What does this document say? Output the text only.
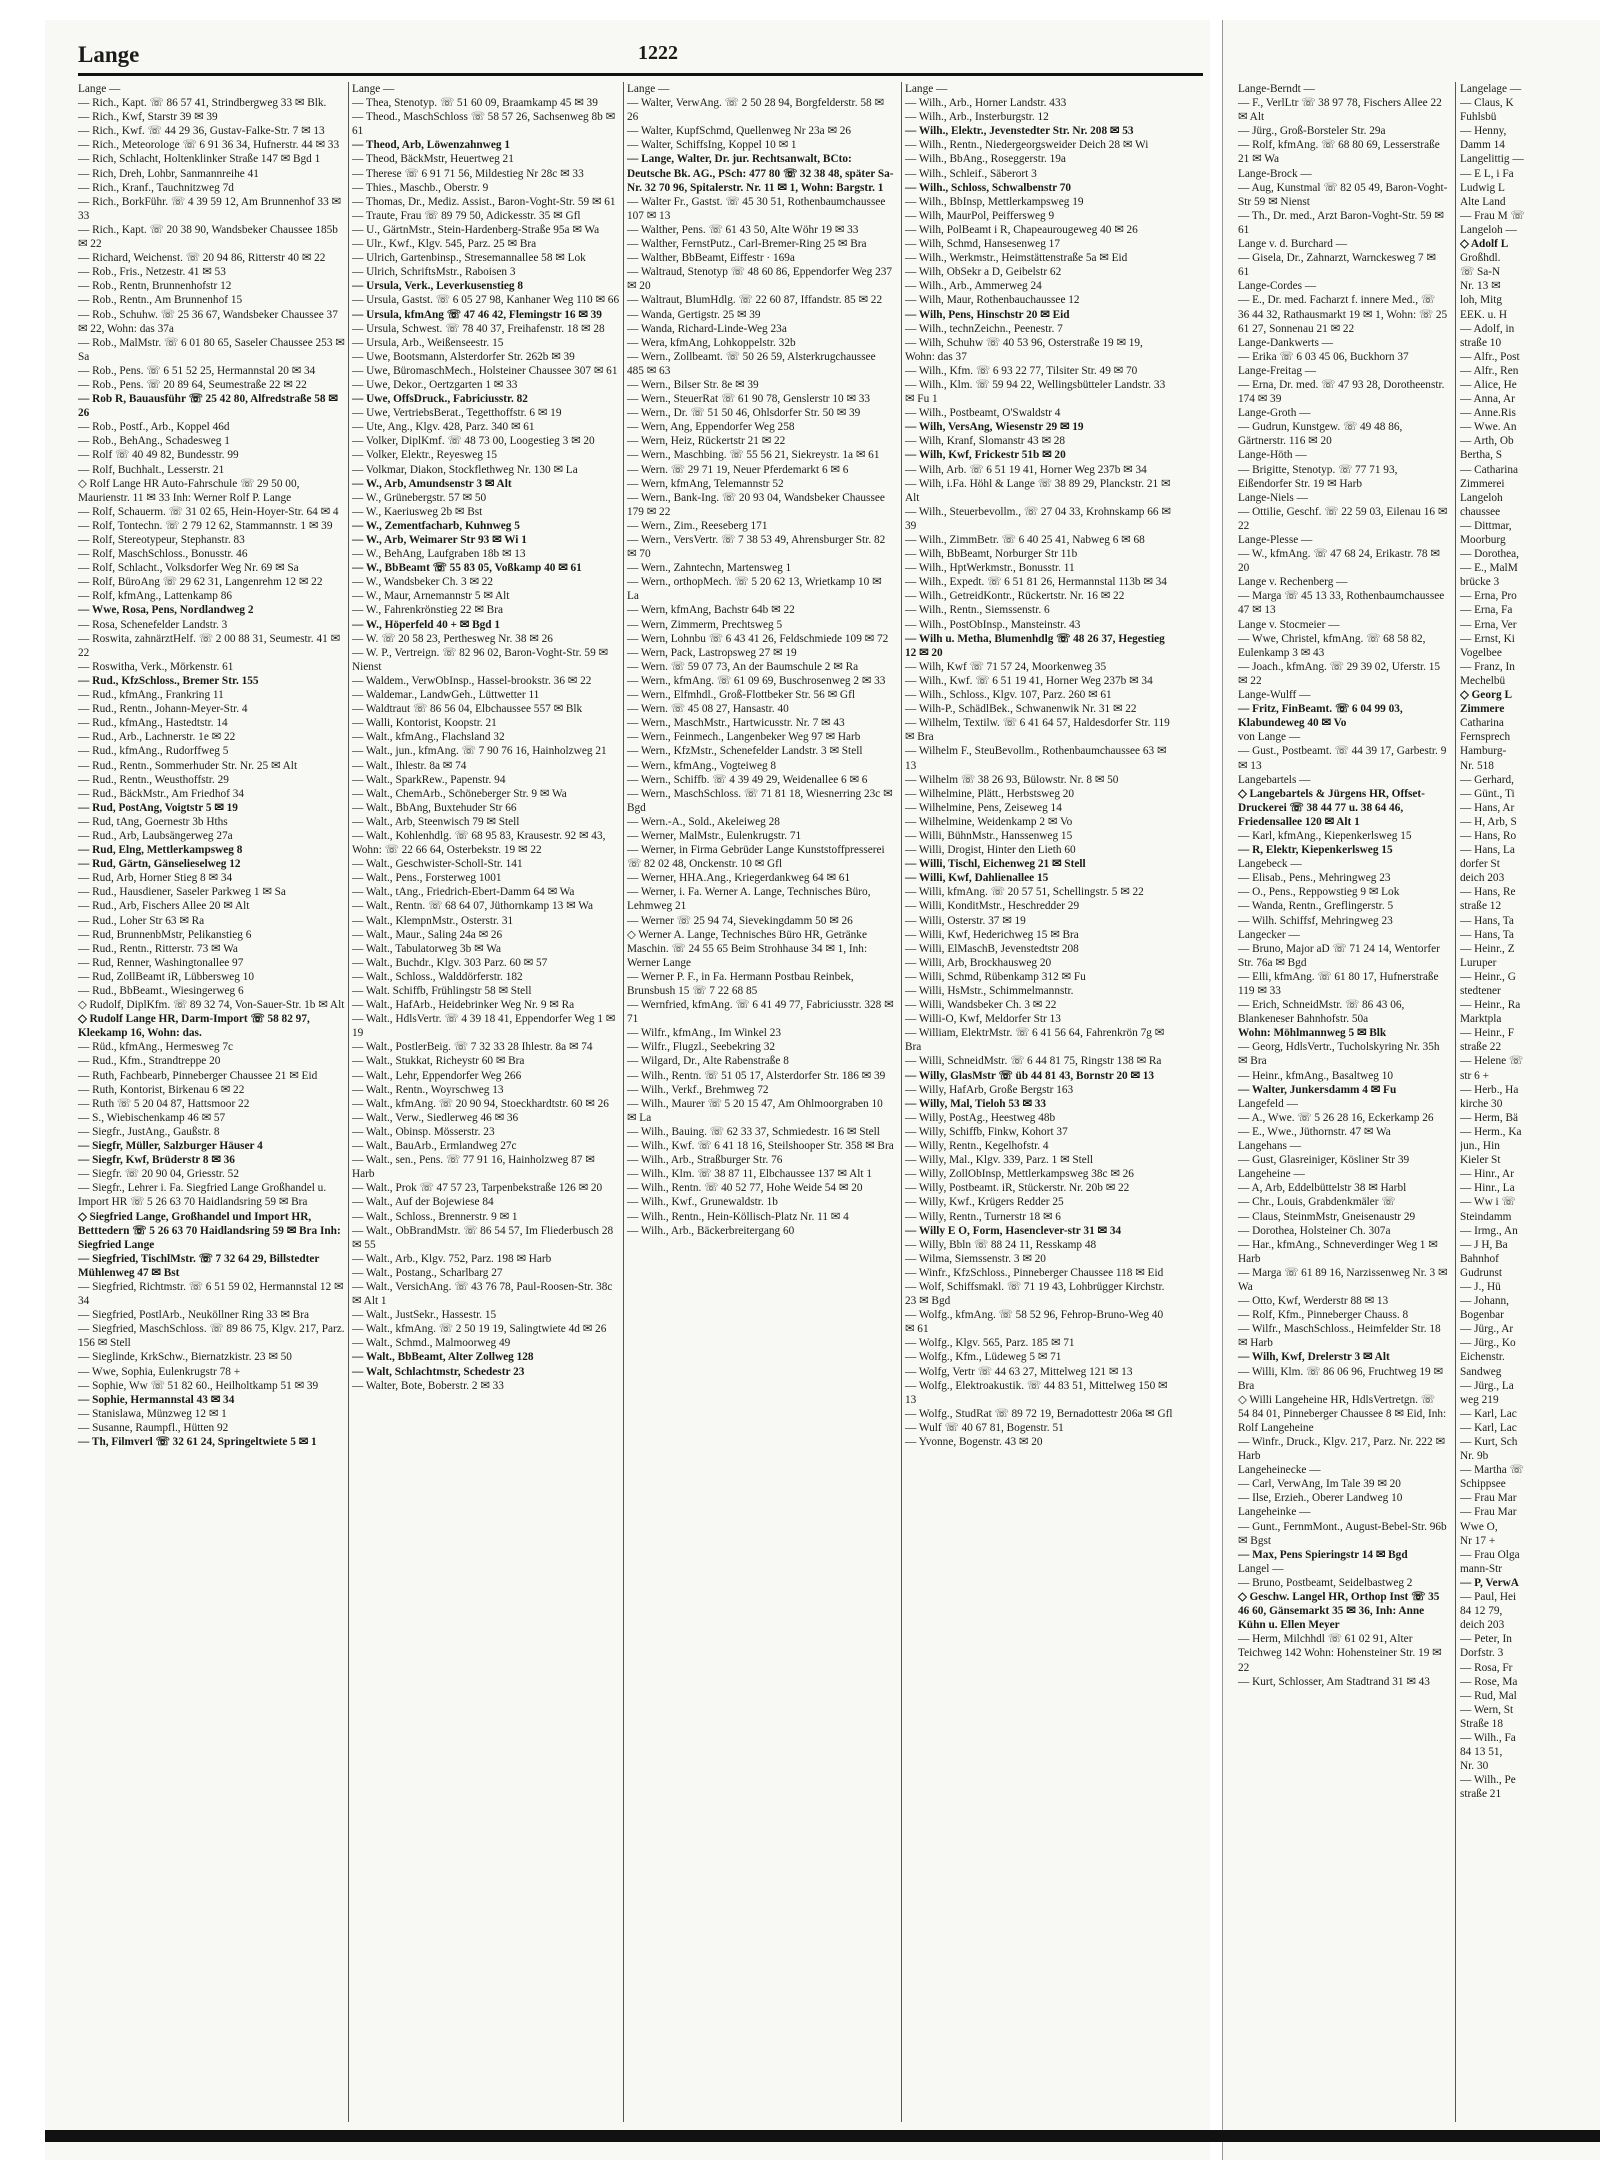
Lange	1222
Lange —
— Rich., Kapt. ☏ 86 57 41, Strindbergweg 33 ✉ Blk.
— Rich., Kwf, Starstr 39 ✉ 39
— Rich., Kwf. ☏ 44 29 36, Gustav-Falke-Str. 7 ✉ 13
— Rich., Meteorologe ☏ 6 91 36 34, Hufnerstr. 44 ✉ 33
— Rich, Schlacht, Holtenklinker Straße 147 ✉ Bgd 1
— Rich, Dreh, Lohbr, Sanmannreihe 41
— Rich., Kranf., Tauchnitzweg 7d
— Rich., BorkFühr. ☏ 4 39 59 12, Am Brunnenhof 33 ✉ 33
— Rich., Kapt. ☏ 20 38 90, Wandsbeker Chaussee 185b ✉ 22
— Richard, Weichenst. ☏ 20 94 86, Ritterstr 40 ✉ 22
— Rob., Fris., Netzestr. 41 ✉ 53
— Rob., Rentn, Brunnenhofstr 12
— Rob., Rentn., Am Brunnenhof 15
— Rob., Schuhw. ☏ 25 36 67, Wandsbeker Chaussee 37 ✉ 22, Wohn: das 37a
— Rob., MalMstr. ☏ 6 01 80 65, Saseler Chaussee 253 ✉ Sa
— Rob., Pens. ☏ 6 51 52 25, Hermannstal 20 ✉ 34
— Rob., Pens. ☏ 20 89 64, Seumestraße 22 ✉ 22
— Rob R, Bauausführ ☏ 25 42 80, Alfredstraße 58 ✉ 26
— Rob., Postf., Arb., Koppel 46d
— Rob., BehAng., Schadesweg 1
— Rolf ☏ 40 49 82, Bundesstr. 99
— Rolf, Buchhalt., Lesserstr. 21
◇ Rolf Lange HR Auto-Fahrschule ☏ 29 50 00, Maurienstr. 11 ✉ 33 Inh: Werner Rolf P. Lange
— Rolf, Schauerm. ☏ 31 02 65, Hein-Hoyer-Str. 64 ✉ 4
— Rolf, Tontechn. ☏ 2 79 12 62, Stammannstr. 1 ✉ 39
— Rolf, Stereotypeur, Stephanstr. 83
— Rolf, MaschSchloss., Bonusstr. 46
— Rolf, Schlacht., Volksdorfer Weg Nr. 69 ✉ Sa
— Rolf, BüroAng ☏ 29 62 31, Langenrehm 12 ✉ 22
— Rolf, kfmAng., Lattenkamp 86
— Wwe, Rosa, Pens, Nordlandweg 2
— Rosa, Schenefelder Landstr. 3
— Roswita, zahnärztHelf. ☏ 2 00 88 31, Seumestr. 41 ✉ 22
— Roswitha, Verk., Mörkenstr. 61
— Rud., KfzSchloss., Bremer Str. 155
— Rud., kfmAng., Frankring 11
— Rud., Rentn., Johann-Meyer-Str. 4
— Rud., kfmAng., Hastedtstr. 14
— Rud., Arb., Lachnerstr. 1e ✉ 22
— Rud., kfmAng., Rudorffweg 5
— Rud., Rentn., Sommerhuder Str. Nr. 25 ✉ Alt
— Rud., Rentn., Weusthoffstr. 29
— Rud., BäckMstr., Am Friedhof 34
— Rud, PostAng, Voigtstr 5 ✉ 19
— Rud, tAng, Goernestr 3b Hths
— Rud., Arb, Laubsängerweg 27a
— Rud, Elng, Mettlerkampsweg 8
— Rud, Gärtn, Gänselieselweg 12
— Rud, Arb, Horner Stieg 8 ✉ 34
— Rud., Hausdiener, Saseler Parkweg 1 ✉ Sa
— Rud., Arb, Fischers Allee 20 ✉ Alt
— Rud., Loher Str 63 ✉ Ra
— Rud, BrunnenbMstr, Pelikanstieg 6
— Rud., Rentn., Ritterstr. 73 ✉ Wa
— Rud, Renner, Washingtonallee 97
— Rud, ZollBeamt iR, Lübbersweg 10
— Rud., BbBeamt., Wiesingerweg 6
◇ Rudolf, DiplKfm. ☏ 89 32 74, Von-Sauer-Str. 1b ✉ Alt
◇ Rudolf Lange HR, Darm-Import ☏ 58 82 97, Kleekamp 16, Wohn: das.
— Rüd., kfmAng., Hermesweg 7c
— Rud., Kfm., Strandtreppe 20
— Ruth, Fachbearb, Pinneberger Chaussee 21 ✉ Eid
— Ruth, Kontorist, Birkenau 6 ✉ 22
— Ruth ☏ 5 20 04 87, Hattsmoor 22
— S., Wiebischenkamp 46 ✉ 57
— Siegfr., JustAng., Gaußstr. 8
— Siegfr, Müller, Salzburger Häuser 4
— Siegfr, Kwf, Brüderstr 8 ✉ 36
— Siegfr. ☏ 20 90 04, Griesstr. 52
— Siegfr., Lehrer i. Fa. Siegfried Lange Großhandel u. Import HR ☏ 5 26 63 70 Haidlandsring 59 ✉ Bra
◇ Siegfried Lange, Großhandel und Import HR, Betttedern ☏ 5 26 63 70 Haidlandsring 59 ✉ Bra Inh: Siegfried Lange
— Siegfried, TischlMstr. ☏ 7 32 64 29, Billstedter Mühlenweg 47 ✉ Bst
— Siegfried, Richtmstr. ☏ 6 51 59 02, Hermannstal 12 ✉ 34
— Siegfried, PostlArb., Neuköllner Ring 33 ✉ Bra
— Siegfried, MaschSchloss. ☏ 89 86 75, Klgv. 217, Parz. 156 ✉ Stell
— Sieglinde, KrkSchw., Biernatzkistr. 23 ✉ 50
— Wwe, Sophia, Eulenkrugstr 78 +
— Sophie, Ww ☏ 51 82 60., Heilholtkamp 51 ✉ 39
— Sophie, Hermannstal 43 ✉ 34
— Stanislawa, Münzweg 12 ✉ 1
— Susanne, Raumpfl., Hütten 92
— Th, Filmverl ☏ 32 61 24, Springeltwiete 5 ✉ 1
Lange —
— Thea, Stenotyp. ☏ 51 60 09, Braamkamp 45 ✉ 39
— Theod., MaschSchloss ☏ 58 57 26, Sachsenweg 8b ✉ 61
— Theod, Arb, Löwenzahnweg 1
— Theod, BäckMstr, Heuertweg 21
— Therese ☏ 6 91 71 56, Mildestieg Nr 28c ✉ 33
— Thies., Maschb., Oberstr. 9
— Thomas, Dr., Mediz. Assist., Baron-Voght-Str. 59 ✉ 61
— Traute, Frau ☏ 89 79 50, Adickesstr. 35 ✉ Gfl
— U., GärtnMstr., Stein-Hardenberg-Straße 95a ✉ Wa
— Ulr., Kwf., Klgv. 545, Parz. 25 ✉ Bra
— Ulrich, Gartenbinsp., Stresemannallee 58 ✉ Lok
— Ulrich, SchriftsMstr., Raboisen 3
— Ursula, Verk., Leverkusenstieg 8
— Ursula, Gastst. ☏ 6 05 27 98, Kanhaner Weg 110 ✉ 66
— Ursula, kfmAng ☏ 47 46 42, Flemingstr 16 ✉ 39
— Ursula, Schwest. ☏ 78 40 37, Freihafenstr. 18 ✉ 28
— Ursula, Arb., Weißenseestr. 15
— Uwe, Bootsmann, Alsterdorfer Str. 262b ✉ 39
— Uwe, BüromaschMech., Holsteiner Chaussee 307 ✉ 61
— Uwe, Dekor., Oertzgarten 1 ✉ 33
— Uwe, OffsDruck., Fabriciusstr. 82
— Uwe, VertriebsBerat., Tegetthoffstr. 6 ✉ 19
— Ute, Ang., Klgv. 428, Parz. 340 ✉ 61
— Volker, DiplKmf. ☏ 48 73 00, Loogestieg 3 ✉ 20
— Volker, Elektr., Reyesweg 15
— Volkmar, Diakon, Stockflethweg Nr. 130 ✉ La
— W., Arb, Amundsenstr 3 ✉ Alt
— W., Grünebergstr. 57 ✉ 50
— W., Kaeriusweg 2b ✉ Bst
— W., Zementfacharb, Kuhnweg 5
— W., Arb, Weimarer Str 93 ✉ Wi 1
— W., BehAng, Laufgraben 18b ✉ 13
— W., BbBeamt ☏ 55 83 05, Voßkamp 40 ✉ 61
— W., Wandsbeker Ch. 3 ✉ 22
— W., Maur, Arnemannstr 5 ✉ Alt
— W., Fahrenkrönstieg 22 ✉ Bra
— W., Höperfeld 40 + ✉ Bgd 1
— W. ☏ 20 58 23, Perthesweg Nr. 38 ✉ 26
— W. P., Vertreign. ☏ 82 96 02, Baron-Voght-Str. 59 ✉ Nienst
— Waldem., VerwObInsp., Hassel-brookstr. 36 ✉ 22
— Waldemar., LandwGeh., Lüttwetter 11
— Waldtraut ☏ 86 56 04, Elbchaussee 557 ✉ Blk
— Walli, Kontorist, Koopstr. 21
— Walt., kfmAng., Flachsland 32
— Walt., jun., kfmAng. ☏ 7 90 76 16, Hainholzweg 21
— Walt., Ihlestr. 8a ✉ 74
— Walt., SparkRew., Papenstr. 94
— Walt., ChemArb., Schöneberger Str. 9 ✉ Wa
— Walt., BbAng, Buxtehuder Str 66
— Walt., Arb, Steenwisch 79 ✉ Stell
— Walt., Kohlenhdlg. ☏ 68 95 83, Krausestr. 92 ✉ 43, Wohn: ☏ 22 66 64, Osterbekstr. 19 ✉ 22
— Walt., Geschwister-Scholl-Str. 141
— Walt., Pens., Forsterweg 1001
— Walt., tAng., Friedrich-Ebert-Damm 64 ✉ Wa
— Walt., Rentn. ☏ 68 64 07, Jüthornkamp 13 ✉ Wa
— Walt., KlempnMstr., Osterstr. 31
— Walt., Maur., Saling 24a ✉ 26
— Walt., Tabulatorweg 3b ✉ Wa
— Walt., Buchdr., Klgv. 303 Parz. 60 ✉ 57
— Walt., Schloss., Walddörferstr. 182
— Walt. Schiffb, Frühlingstr 58 ✉ Stell
— Walt., HafArb., Heidebrinker Weg Nr. 9 ✉ Ra
— Walt., HdlsVertr. ☏ 4 39 18 41, Eppendorfer Weg 1 ✉ 19
— Walt., PostlerBeig. ☏ 7 32 33 28 Ihlestr. 8a ✉ 74
— Walt., Stukkat, Richeystr 60 ✉ Bra
— Walt., Lehr, Eppendorfer Weg 266
— Walt., Rentn., Woyrschweg 13
— Walt., kfmAng. ☏ 20 90 94, Stoeckhardtstr. 60 ✉ 26
— Walt., Verw., Siedlerweg 46 ✉ 36
— Walt., Obinsp. Mösserstr. 23
— Walt., BauArb., Ermlandweg 27c
— Walt., sen., Pens. ☏ 77 91 16, Hainholzweg 87 ✉ Harb
— Walt., Prok ☏ 47 57 23, Tarpenbekstraße 126 ✉ 20
— Walt., Auf der Bojewiese 84
— Walt., Schloss., Brennerstr. 9 ✉ 1
— Walt., ObBrandMstr. ☏ 86 54 57, Im Fliederbusch 28 ✉ 55
— Walt., Arb., Klgv. 752, Parz. 198 ✉ Harb
— Walt., Postang., Scharlbarg 27
— Walt., VersichAng. ☏ 43 76 78, Paul-Roosen-Str. 38c ✉ Alt 1
— Walt., JustSekr., Hassestr. 15
— Walt., kfmAng. ☏ 2 50 19 19, Salingtwiete 4d ✉ 26
— Walt., Schmd., Malmoorweg 49
— Walt., BbBeamt, Alter Zollweg 128
— Walt, Schlachtmstr, Schedestr 23
— Walter, Bote, Boberstr. 2 ✉ 33
Lange —
— Walter, VerwAng. ☏ 2 50 28 94, Borgfelderstr. 58 ✉ 26
— Walter, KupfSchmd, Quellenweg Nr 23a ✉ 26
— Walter, SchiffsIng, Koppel 10 ✉ 1
— Lange, Walter, Dr. jur. Rechtsanwalt, BCto: Deutsche Bk. AG., PSch: 477 80 ☏ 32 38 48, später Sa-Nr. 32 70 96, Spitalerstr. Nr. 11 ✉ 1, Wohn: Bargstr. 1
— Walter Fr., Gastst. ☏ 45 30 51, Rothenbaumchaussee 107 ✉ 13
— Walther, Pens. ☏ 61 43 50, Alte Wöhr 19 ✉ 33
— Walther, FernstPutz., Carl-Bremer-Ring 25 ✉ Bra
— Walther, BbBeamt, Eiffestr · 169a
— Waltraud, Stenotyp ☏ 48 60 86, Eppendorfer Weg 237 ✉ 20
— Waltraut, BlumHdlg. ☏ 22 60 87, Iffandstr. 85 ✉ 22
— Wanda, Gertigstr. 25 ✉ 39
— Wanda, Richard-Linde-Weg 23a
— Wera, kfmAng, Lohkoppelstr. 32b
— Wern., Zollbeamt. ☏ 50 26 59, Alsterkrugchaussee 485 ✉ 63
— Wern., Bilser Str. 8e ✉ 39
— Wern., SteuerRat ☏ 61 90 78, Genslerstr 10 ✉ 33
— Wern., Dr. ☏ 51 50 46, Ohlsdorfer Str. 50 ✉ 39
— Wern, Ang, Eppendorfer Weg 258
— Wern, Heiz, Rückertstr 21 ✉ 22
— Wern., Maschbing. ☏ 55 56 21, Siekreystr. 1a ✉ 61
— Wern. ☏ 29 71 19, Neuer Pferdemarkt 6 ✉ 6
— Wern, kfmAng, Telemannstr 52
— Wern., Bank-Ing. ☏ 20 93 04, Wandsbeker Chaussee 179 ✉ 22
— Wern., Zim., Reeseberg 171
— Wern., VersVertr. ☏ 7 38 53 49, Ahrensburger Str. 82 ✉ 70
— Wern., Zahntechn, Martensweg 1
— Wern., orthopMech. ☏ 5 20 62 13, Wrietkamp 10 ✉ La
— Wern, kfmAng, Bachstr 64b ✉ 22
— Wern, Zimmerm, Prechtsweg 5
— Wern, Lohnbu ☏ 6 43 41 26, Feldschmiede 109 ✉ 72
— Wern, Pack, Lastropsweg 27 ✉ 19
— Wern. ☏ 59 07 73, An der Baumschule 2 ✉ Ra
— Wern., kfmAng. ☏ 61 09 69, Buschrosenweg 2 ✉ 33
— Wern., Elfmhdl., Groß-Flottbeker Str. 56 ✉ Gfl
— Wern. ☏ 45 08 27, Hansastr. 40
— Wern., MaschMstr., Hartwicusstr. Nr. 7 ✉ 43
— Wern., Feinmech., Langenbeker Weg 97 ✉ Harb
— Wern., KfzMstr., Schenefelder Landstr. 3 ✉ Stell
— Wern., kfmAng., Vogteiweg 8
— Wern., Schiffb. ☏ 4 39 49 29, Weidenallee 6 ✉ 6
— Wern., MaschSchloss. ☏ 71 81 18, Wiesnerring 23c ✉ Bgd
— Wern.-A., Sold., Akeleiweg 28
— Werner, MalMstr., Eulenkrugstr. 71
— Werner, in Firma Gebrüder Lange Kunststoffpresserei ☏ 82 02 48, Onckenstr. 10 ✉ Gfl
— Werner, HHA.Ang., Kriegerdankweg 64 ✉ 61
— Werner, i. Fa. Werner A. Lange, Technisches Büro, Lehmweg 21
— Werner ☏ 25 94 74, Sievekingdamm 50 ✉ 26
◇ Werner A. Lange, Technisches Büro HR, Getränke Maschin. ☏ 24 55 65 Beim Strohhause 34 ✉ 1, Inh: Werner Lange
— Werner P. F., in Fa. Hermann Postbau Reinbek, Brunsbush 15 ☏ 7 22 68 85
— Wernfried, kfmAng. ☏ 6 41 49 77, Fabriciusstr. 328 ✉ 71
— Wilfr., kfmAng., Im Winkel 23
— Wilfr., Flugzl., Seebekring 32
— Wilgard, Dr., Alte Rabenstraße 8
— Wilh., Rentn. ☏ 51 05 17, Alsterdorfer Str. 186 ✉ 39
— Wilh., Verkf., Brehmweg 72
— Wilh., Maurer ☏ 5 20 15 47, Am Ohlmoorgraben 10 ✉ La
— Wilh., Bauing. ☏ 62 33 37, Schmiedestr. 16 ✉ Stell
— Wilh., Kwf. ☏ 6 41 18 16, Steilshooper Str. 358 ✉ Bra
— Wilh., Arb., Straßburger Str. 76
— Wilh., Klm. ☏ 38 87 11, Elbchaussee 137 ✉ Alt 1
— Wilh., Rentn. ☏ 40 52 77, Hohe Weide 54 ✉ 20
— Wilh., Kwf., Grunewaldstr. 1b
— Wilh., Rentn., Hein-Köllisch-Platz Nr. 11 ✉ 4
— Wilh., Arb., Bäckerbreitergang 60
Lange —
— Wilh., Arb., Horner Landstr. 433
— Wilh., Arb., Insterburgstr. 12
— Wilh., Elektr., Jevenstedter Str. Nr. 208 ✉ 53
— Wilh., Rentn., Niedergeorgsweider Deich 28 ✉ Wi
— Wilh., BbAng., Roseggerstr. 19a
— Wilh., Schleif., Säberort 3
— Wilh., Schloss, Schwalbenstr 70
— Wilh., BbInsp, Mettlerkampsweg 19
— Wilh, MaurPol, Peiffersweg 9
— Wilh, PolBeamt i R, Chapeaurougeweg 40 ✉ 26
— Wilh, Schmd, Hansesenweg 17
— Wilh., Werkmstr., Heimstättenstraße 5a ✉ Eid
— Wilh, ObSekr a D, Geibelstr 62
— Wilh., Arb., Ammerweg 24
— Wilh, Maur, Rothenbauchaussee 12
— Wilh, Pens, Hinschstr 20 ✉ Eid
— Wilh., technZeichn., Peenestr. 7
— Wilh, Schuhw ☏ 40 53 96, Osterstraße 19 ✉ 19, Wohn: das 37
— Wilh., Kfm. ☏ 6 93 22 77, Tilsiter Str. 49 ✉ 70
— Wilh., Klm. ☏ 59 94 22, Wellingsbütteler Landstr. 33 ✉ Fu 1
— Wilh., Postbeamt, O'Swaldstr 4
— Wilh, VersAng, Wiesenstr 29 ✉ 19
— Wilh, Kranf, Slomanstr 43 ✉ 28
— Wilh, Kwf, Frickestr 51b ✉ 20
— Wilh, Arb. ☏ 6 51 19 41, Horner Weg 237b ✉ 34
— Wilh, i.Fa. Höhl & Lange ☏ 38 89 29, Planckstr. 21 ✉ Alt
— Wilh., Steuerbevollm., ☏ 27 04 33, Krohnskamp 66 ✉ 39
— Wilh., ZimmBetr. ☏ 6 40 25 41, Nabweg 6 ✉ 68
— Wilh, BbBeamt, Norburger Str 11b
— Wilh., HptWerkmstr., Bonusstr. 11
— Wilh., Expedt. ☏ 6 51 81 26, Hermannstal 113b ✉ 34
— Wilh., GetreidKontr., Rückertstr. Nr. 16 ✉ 22
— Wilh., Rentn., Siemssenstr. 6
— Wilh., PostObInsp., Mansteinstr. 43
— Wilh u. Metha, Blumenhdlg ☏ 48 26 37, Hegestieg 12 ✉ 20
— Wilh, Kwf ☏ 71 57 24, Moorkenweg 35
— Wilh., Kwf. ☏ 6 51 19 41, Horner Weg 237b ✉ 34
— Wilh., Schloss., Klgv. 107, Parz. 260 ✉ 61
— Wilh-P., SchädlBek., Schwanenwik Nr. 31 ✉ 22
— Wilhelm, Textilw. ☏ 6 41 64 57, Haldesdorfer Str. 119 ✉ Bra
— Wilhelm F., SteuBevollm., Rothenbaumchaussee 63 ✉ 13
— Wilhelm ☏ 38 26 93, Bülowstr. Nr. 8 ✉ 50
— Wilhelmine, Plätt., Herbstsweg 20
— Wilhelmine, Pens, Zeiseweg 14
— Wilhelmine, Weidenkamp 2 ✉ Vo
— Willi, BühnMstr., Hanssenweg 15
— Willi, Drogist, Hinter den Lieth 60
— Willi, Tischl, Eichenweg 21 ✉ Stell
— Willi, Kwf, Dahlienallee 15
— Willi, kfmAng. ☏ 20 57 51, Schellingstr. 5 ✉ 22
— Willi, KonditMstr., Heschredder 29
— Willi, Osterstr. 37 ✉ 19
— Willi, Kwf, Hederichweg 15 ✉ Bra
— Willi, ElMaschB, Jevenstedtstr 208
— Willi, Arb, Brockhausweg 20
— Willi, Schmd, Rübenkamp 312 ✉ Fu
— Willi, HsMstr., Schimmelmannstr.
— Willi, Wandsbeker Ch. 3 ✉ 22
— Willi-O, Kwf, Meldorfer Str 13
— William, ElektrMstr. ☏ 6 41 56 64, Fahrenkrön 7g ✉ Bra
— Willi, SchneidMstr. ☏ 6 44 81 75, Ringstr 138 ✉ Ra
— Willy, GlasMstr ☏ üb 44 81 43, Bornstr 20 ✉ 13
— Willy, HafArb, Große Bergstr 163
— Willy, Mal, Tieloh 53 ✉ 33
— Willy, PostAg., Heestweg 48b
— Willy, Schiffb, Finkw, Kohort 37
— Willy, Rentn., Kegelhofstr. 4
— Willy, Mal., Klgv. 339, Parz. 1 ✉ Stell
— Willy, ZollObInsp, Mettlerkampsweg 38c ✉ 26
— Willy, Postbeamt. iR, Stückerstr. Nr. 20b ✉ 22
— Willy, Kwf., Krügers Redder 25
— Willy, Rentn., Turnerstr 18 ✉ 6
— Willy E O, Form, Hasenclever-str 31 ✉ 34
— Willy, Bbln ☏ 88 24 11, Resskamp 48
— Wilma, Siemssenstr. 3 ✉ 20
— Winfr., KfzSchloss., Pinneberger Chaussee 118 ✉ Eid
— Wolf, Schiffsmakl. ☏ 71 19 43, Lohbrügger Kirchstr. 23 ✉ Bgd
— Wolfg., kfmAng. ☏ 58 52 96, Fehrop-Bruno-Weg 40 ✉ 61
— Wolfg., Klgv. 565, Parz. 185 ✉ 71
— Wolfg., Kfm., Lüdeweg 5 ✉ 71
— Wolfg, Vertr ☏ 44 63 27, Mittelweg 121 ✉ 13
— Wolfg., Elektroakustik. ☏ 44 83 51, Mittelweg 150 ✉ 13
— Wolfg., StudRat ☏ 89 72 19, Bernadottestr 206a ✉ Gfl
— Wulf ☏ 40 67 81, Bogenstr. 51
— Yvonne, Bogenstr. 43 ✉ 20
Lange-Berndt —
— F., VerlLtr ☏ 38 97 78, Fischers Allee 22 ✉ Alt
— Jürg., Groß-Borsteler Str. 29a
— Rolf, kfmAng. ☏ 68 80 69, Lesserstraße 21 ✉ Wa
Lange-Brock —
— Aug, Kunstmal ☏ 82 05 49, Baron-Voght-Str 59 ✉ Nienst
— Th., Dr. med., Arzt Baron-Voght-Str. 59 ✉ 61
Lange v. d. Burchard —
— Gisela, Dr., Zahnarzt, Warnckesweg 7 ✉ 61
Lange-Cordes —
— E., Dr. med. Facharzt f. innere Med., ☏ 36 44 32, Rathausmarkt 19 ✉ 1, Wohn: ☏ 25 61 27, Sonnenau 21 ✉ 22
Lange-Dankwerts —
— Erika ☏ 6 03 45 06, Buckhorn 37
Lange-Freitag —
— Erna, Dr. med. ☏ 47 93 28, Dorotheenstr. 174 ✉ 39
Lange-Groth —
— Gudrun, Kunstgew. ☏ 49 48 86, Gärtnerstr. 116 ✉ 20
Lange-Höth —
— Brigitte, Stenotyp. ☏ 77 71 93, Eißendorfer Str. 19 ✉ Harb
Lange-Niels —
— Ottilie, Geschf. ☏ 22 59 03, Eilenau 16 ✉ 22
Lange-Plesse —
— W., kfmAng. ☏ 47 68 24, Erikastr. 78 ✉ 20
Lange v. Rechenberg —
— Marga ☏ 45 13 33, Rothenbaumchaussee 47 ✉ 13
Lange v. Stocmeier —
— Wwe, Christel, kfmAng. ☏ 68 58 82, Eulenkamp 3 ✉ 43
— Joach., kfmAng. ☏ 29 39 02, Uferstr. 15 ✉ 22
Lange-Wulff —
— Fritz, FinBeamt. ☏ 6 04 99 03, Klabundeweg 40 ✉ Vo
von Lange —
— Gust., Postbeamt. ☏ 44 39 17, Garbestr. 9 ✉ 13
Langebartels —
◇ Langebartels & Jürgens HR, Offset-Druckerei ☏ 38 44 77 u. 38 64 46, Friedensallee 120 ✉ Alt 1
— Karl, kfmAng., Kiepenkerlsweg 15
— R, Elektr, Kiepenkerlsweg 15
Langebeck —
— Elisab., Pens., Mehringweg 23
— O., Pens., Reppowstieg 9 ✉ Lok
— Wanda, Rentn., Greflingerstr. 5
— Wilh. Schiffsf, Mehringweg 23
Langecker —
— Bruno, Major aD ☏ 71 24 14, Wentorfer Str. 76a ✉ Bgd
— Elli, kfmAng. ☏ 61 80 17, Hufnerstraße 119 ✉ 33
— Erich, SchneidMstr. ☏ 86 43 06, Blankeneser Bahnhofstr. 50a
Wohn: Möhlmannweg 5 ✉ Blk
— Georg, HdlsVertr., Tucholskyring Nr. 35h ✉ Bra
— Heinr., kfmAng., Basaltweg 10
— Walter, Junkersdamm 4 ✉ Fu
Langefeld —
— A., Wwe. ☏ 5 26 28 16, Eckerkamp 26
— E., Wwe., Jüthornstr. 47 ✉ Wa
Langehans —
— Gust, Glasreiniger, Kösliner Str 39
Langeheine —
— A, Arb, Eddelbüttelstr 38 ✉ Harbl
— Chr., Louis, Grabdenkmäler ☏
— Claus, SteinmMstr, Gneisenaustr 29
— Dorothea, Holsteiner Ch. 307a
— Har., kfmAng., Schneverdinger Weg 1 ✉ Harb
— Marga ☏ 61 89 16, Narzissenweg Nr. 3 ✉ Wa
— Otto, Kwf, Werderstr 88 ✉ 13
— Rolf, Kfm., Pinneberger Chauss. 8
— Wilfr., MaschSchloss., Heimfelder Str. 18 ✉ Harb
— Wilh, Kwf, Drelerstr 3 ✉ Alt
— Willi, Klm. ☏ 86 06 96, Fruchtweg 19 ✉ Bra
◇ Willi Langeheine HR, HdlsVertretgn. ☏ 54 84 01, Pinneberger Chaussee 8 ✉ Eid, Inh: Rolf Langeheine
— Winfr., Druck., Klgv. 217, Parz. Nr. 222 ✉ Harb
Langeheinecke —
— Carl, VerwAng, Im Tale 39 ✉ 20
— Ilse, Erzieh., Oberer Landweg 10
Langeheinke —
— Gunt., FernmMont., August-Bebel-Str. 96b ✉ Bgst
— Max, Pens Spieringstr 14 ✉ Bgd
Langel —
— Bruno, Postbeamt, Seidelbastweg 2
◇ Geschw. Langel HR, Orthop Inst ☏ 35 46 60, Gänsemarkt 35 ✉ 36, Inh: Anne Kühn u. Ellen Meyer
— Herm, Milchhdl ☏ 61 02 91, Alter Teichweg 142 Wohn: Hohensteiner Str. 19 ✉ 22
— Kurt, Schlosser, Am Stadtrand 31 ✉ 43
Langelage —
— Claus, K
Fuhlsbü
— Henny,
Damm 14
Langelittig —
— E L, i Fa
Ludwig L
Alte Land
— Frau M ☏
Langeloh —
◇ Adolf L
Großhdl.
☏ Sa-N
Nr. 13 ✉
loh, Mitg
EEK. u. H
— Adolf, in
straße 10
— Alfr., Post
— Alfr., Ren
— Alice, He
— Anna, Ar
— Anne.Ris
— Wwe. An
— Arth, Ob
Bertha, S
— Catharina
Zimmerei
Langeloh
chaussee
— Dittmar,
Moorburg
— Dorothea,
— E., MalM
brücke 3
— Erna, Pro
— Erna, Fa
— Erna, Ver
— Ernst, Ki
Vogelbee
— Franz, In
Mechelbü
◇ Georg L
Zimmere
Catharina
Fernsprech
Hamburg-
Nr. 518
— Gerhard,
— Günt., Ti
— Hans, Ar
— H, Arb, S
— Hans, Ro
— Hans, La
dorfer St
deich 203
— Hans, Re
straße 12
— Hans, Ta
— Hans, Ta
— Heinr., Z
Luruper
— Heinr., G
stedtener
— Heinr., Ra
Marktpla
— Heinr., F
straße 22
— Helene ☏
str 6 +
— Herb., Ha
kirche 30
— Herm, Bä
— Herm., Ka
jun., Hin
Kieler St
— Hinr., Ar
— Hinr., La
— Ww i ☏
Steindamm
— Irmg., An
— J H, Ba
Bahnhof
Gudrunst
— J., Hü
— Johann,
Bogenbar
— Jürg., Ar
— Jürg., Ko
Eichenstr.
Sandweg
— Jürg., La
weg 219
— Karl, Lac
— Karl, Lac
— Kurt, Sch
Nr. 9b
— Martha ☏
Schippsee
— Frau Mar
— Frau Mar
Wwe O,
Nr 17 +
— Frau Olga
mann-Str
— P, VerwA
— Paul, Hei
84 12 79,
deich 203
— Peter, In
Dorfstr. 3
— Rosa, Fr
— Rose, Ma
— Rud, Mal
— Wern, St
Straße 18
— Wilh., Fa
84 13 51,
Nr. 30
— Wilh., Pe
straße 21
